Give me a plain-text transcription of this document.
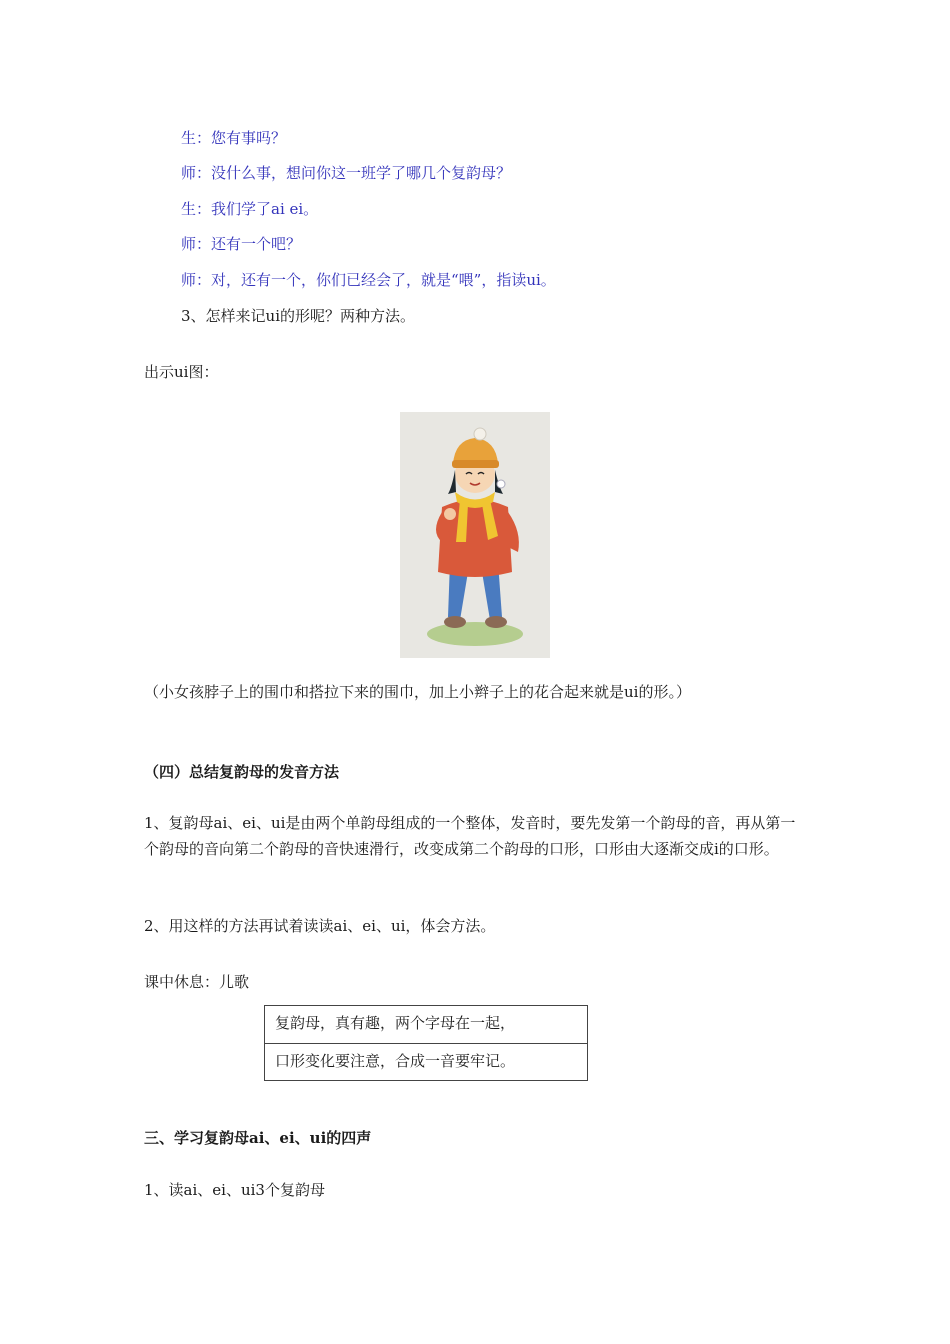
生：您有事吗？
师：没什么事，想问你这一班学了哪几个复韵母？
生：我们学了ai ei。
师：还有一个吧？
师：对，还有一个，你们已经会了，就是“喂”，指读ui。
3、怎样来记ui的形呢？两种方法。
出示ui图：
（小女孩脖子上的围巾和搭拉下来的围巾，加上小辫子上的花合起来就是ui的形。）
（四）总结复韵母的发音方法
1、复韵母ai、ei、ui是由两个单韵母组成的一个整体，发音时，要先发第一个韵母的音，再从第一个韵母的音向第二个韵母的音快速滑行，改变成第二个韵母的口形，口形由大逐渐交成i的口形。
2、用这样的方法再试着读读ai、ei、ui，体会方法。
课中休息：儿歌
复韵母，真有趣，两个字母在一起，
口形变化要注意，合成一音要牢记。
三、学习复韵母ai、ei、ui的四声
1、读ai、ei、ui3个复韵母
